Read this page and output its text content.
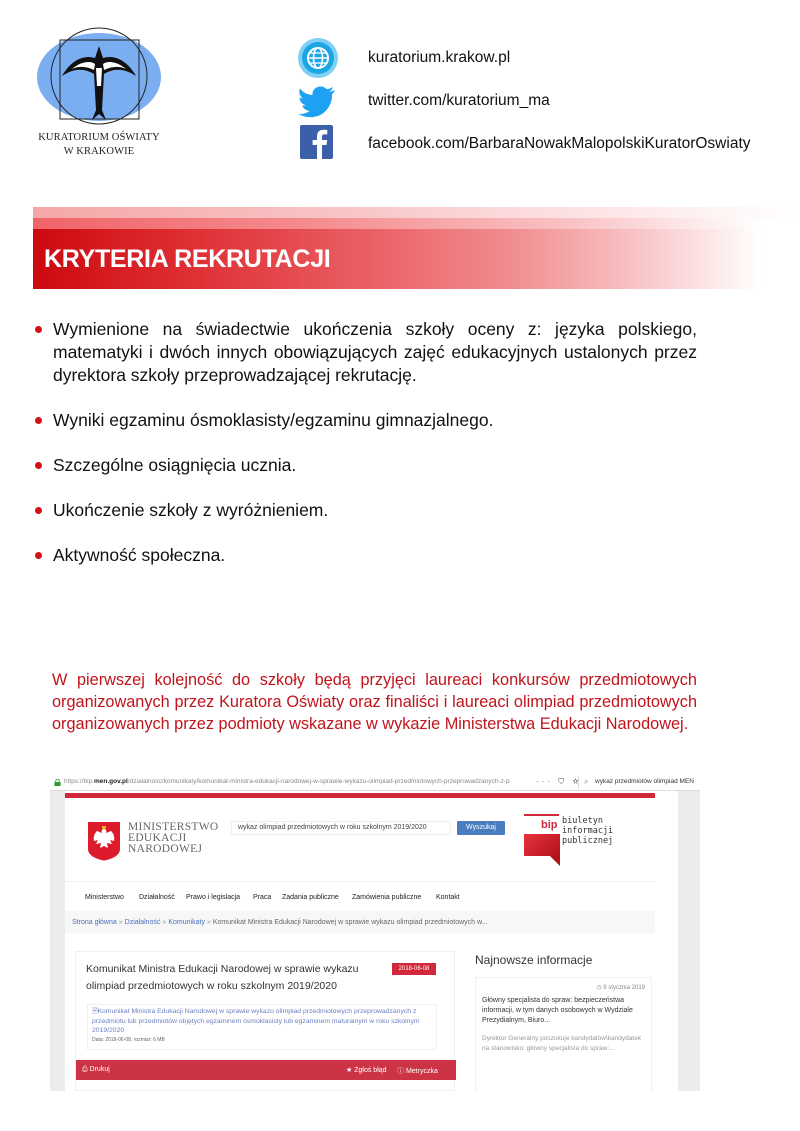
KURATORIUM OŚWIATY
W KRAKOWIE
kuratorium.krakow.pl
twitter.com/kuratorium_ma
facebook.com/BarbaraNowakMalopolskiKuratorOswiaty
KRYTERIA REKRUTACJI
Wymienione na świadectwie ukończenia szkoły oceny z: języka polskiego, matematyki i dwóch innych obowiązujących zajęć edukacyjnych ustalonych przez dyrektora szkoły przeprowadzającej rekrutację.
Wyniki egzaminu ósmoklasisty/egzaminu gimnazjalnego.
Szczególne osiągnięcia ucznia.
Ukończenie szkoły z wyróżnieniem.
Aktywność społeczna.
W pierwszej kolejność do szkoły będą przyjęci laureaci konkursów przedmiotowych organizowanych przez Kuratora Oświaty oraz finaliści i laureaci olimpiad przedmiotowych organizowanych przez podmioty wskazane w wykazie Ministerstwa Edukacji Narodowej.
https://bip.men.gov.pl/dzialalnosc/komunikaty/komunikat-ministra-edukacji-narodowej-w-sprawie-wykazu-olimpiad-przedmiotowych-przeprowadzanych-z-p	··· ⛉ ☆ ⌕ wykaz przedmiotów olimpiad MEN
MINISTERSTWO
EDUKACJI
NARODOWEJ
wykaz olimpiad przedmiotowych w roku szkolnym 2019/2020	Wyszukaj	bip biuletyn
informacji publicznej
Ministerstwo Działalność Prawo i legislacja Praca Zadania publiczne Zamówienia publiczne Kontakt
Strona główna » Działalność » Komunikaty » Komunikat Ministra Edukacji Narodowej w sprawie wykazu olimpiad przedmiotowych w...
Komunikat Ministra Edukacji Narodowej w sprawie wykazu olimpiad przedmiotowych w roku szkolnym 2019/2020
2018-06-08
🗎Komunikat Ministra Edukacji Narodowej w sprawie wykazu olimpiad przedmiotowych przeprowadzanych z przedmiotu lub przedmiotów objętych egzaminem ósmoklasisty lub egzaminem maturalnym w roku szkolnym 2019/2020
Data: 2018-06-08, rozmiar: 6 MB
⎙ Drukuj	★ Zgłoś błąd ⓘ Metryczka
Najnowsze informacje
◷ 9 stycznia 2019
Główny specjalista do spraw: bezpieczeństwa informacji, w tym danych osobowych w Wydziale Prezydialnym, Biuro...
Dyrektor Generalny poszukuje kandydatów\kandydatek na stanowisko: główny specjalista do spraw:...
